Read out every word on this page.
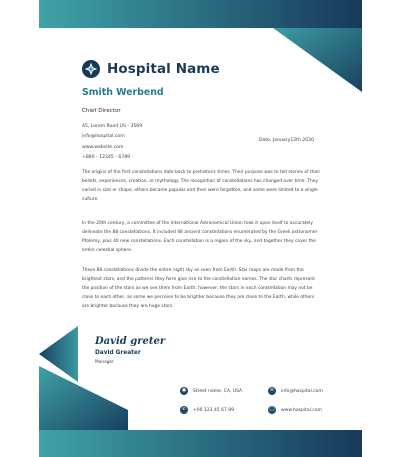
Hospital Name
Smith Werbend
Chief Director
45, Lorem Road US - 3569
info@hospital.com
www.website.com
+880 - 12345 - 6789
Date, January12th 2030
The origins of the first constellations date back to prehistoric times. Their purpose was to tell stories of their beliefs, experiences, creation, or mythology. The recognition of constellations has changed over time. They varied in size or shape, others became popular and then were forgotten, and some were limited to a single culture.
In the 20th century, a committee of the International Astronomical Union took it upon itself to accurately delineate the 88 constellations. It included 48 ancient constellations enumerated by the Greek astronomer Ptolemy, plus 40 new constellations. Each constellation is a region of the sky, and together they cover the entire celestial sphere.
These 88 constellations divide the entire night sky as seen from Earth. Star maps are made from the brightest stars, and the patterns they form give rise to the constellation names. The star charts represent the position of the stars as we see them from Earth; however, the stars in each constellation may not be close to each other, as some we perceive to be brighter because they are close to the Earth, while others are brighter because they are huge stars.
David greter
David Greater
Manager
●	Street name, CA, USA
✆	+00 123 45 67 89
✉	info@hospital.com
◯	www.hospital.com
